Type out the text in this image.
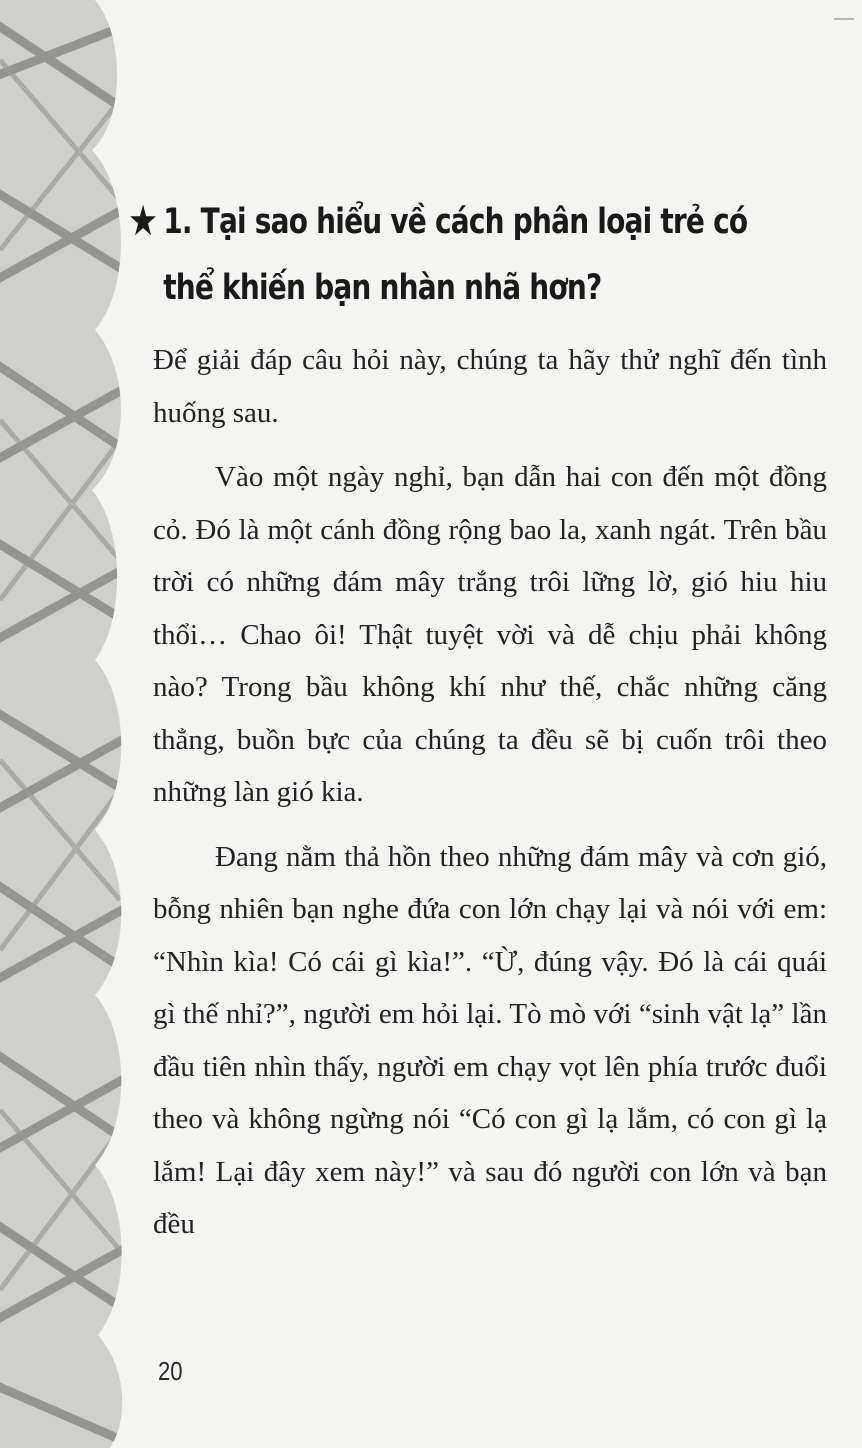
★ 1. Tại sao hiểu về cách phân loại trẻ có
thể khiến bạn nhàn nhã hơn?

Để giải đáp câu hỏi này, chúng ta hãy thử nghĩ đến tình huống sau.

Vào một ngày nghỉ, bạn dẫn hai con đến một đồng cỏ. Đó là một cánh đồng rộng bao la, xanh ngát. Trên bầu trời có những đám mây trắng trôi lững lờ, gió hiu hiu thổi… Chao ôi! Thật tuyệt vời và dễ chịu phải không nào? Trong bầu không khí như thế, chắc những căng thẳng, buồn bực của chúng ta đều sẽ bị cuốn trôi theo những làn gió kia.

Đang nằm thả hồn theo những đám mây và cơn gió, bỗng nhiên bạn nghe đứa con lớn chạy lại và nói với em: “Nhìn kìa! Có cái gì kìa!”. “Ừ, đúng vậy. Đó là cái quái gì thế nhỉ?”, người em hỏi lại. Tò mò với “sinh vật lạ” lần đầu tiên nhìn thấy, người em chạy vọt lên phía trước đuổi theo và không ngừng nói “Có con gì lạ lắm, có con gì lạ lắm! Lại đây xem này!” và sau đó người con lớn và bạn đều

20
